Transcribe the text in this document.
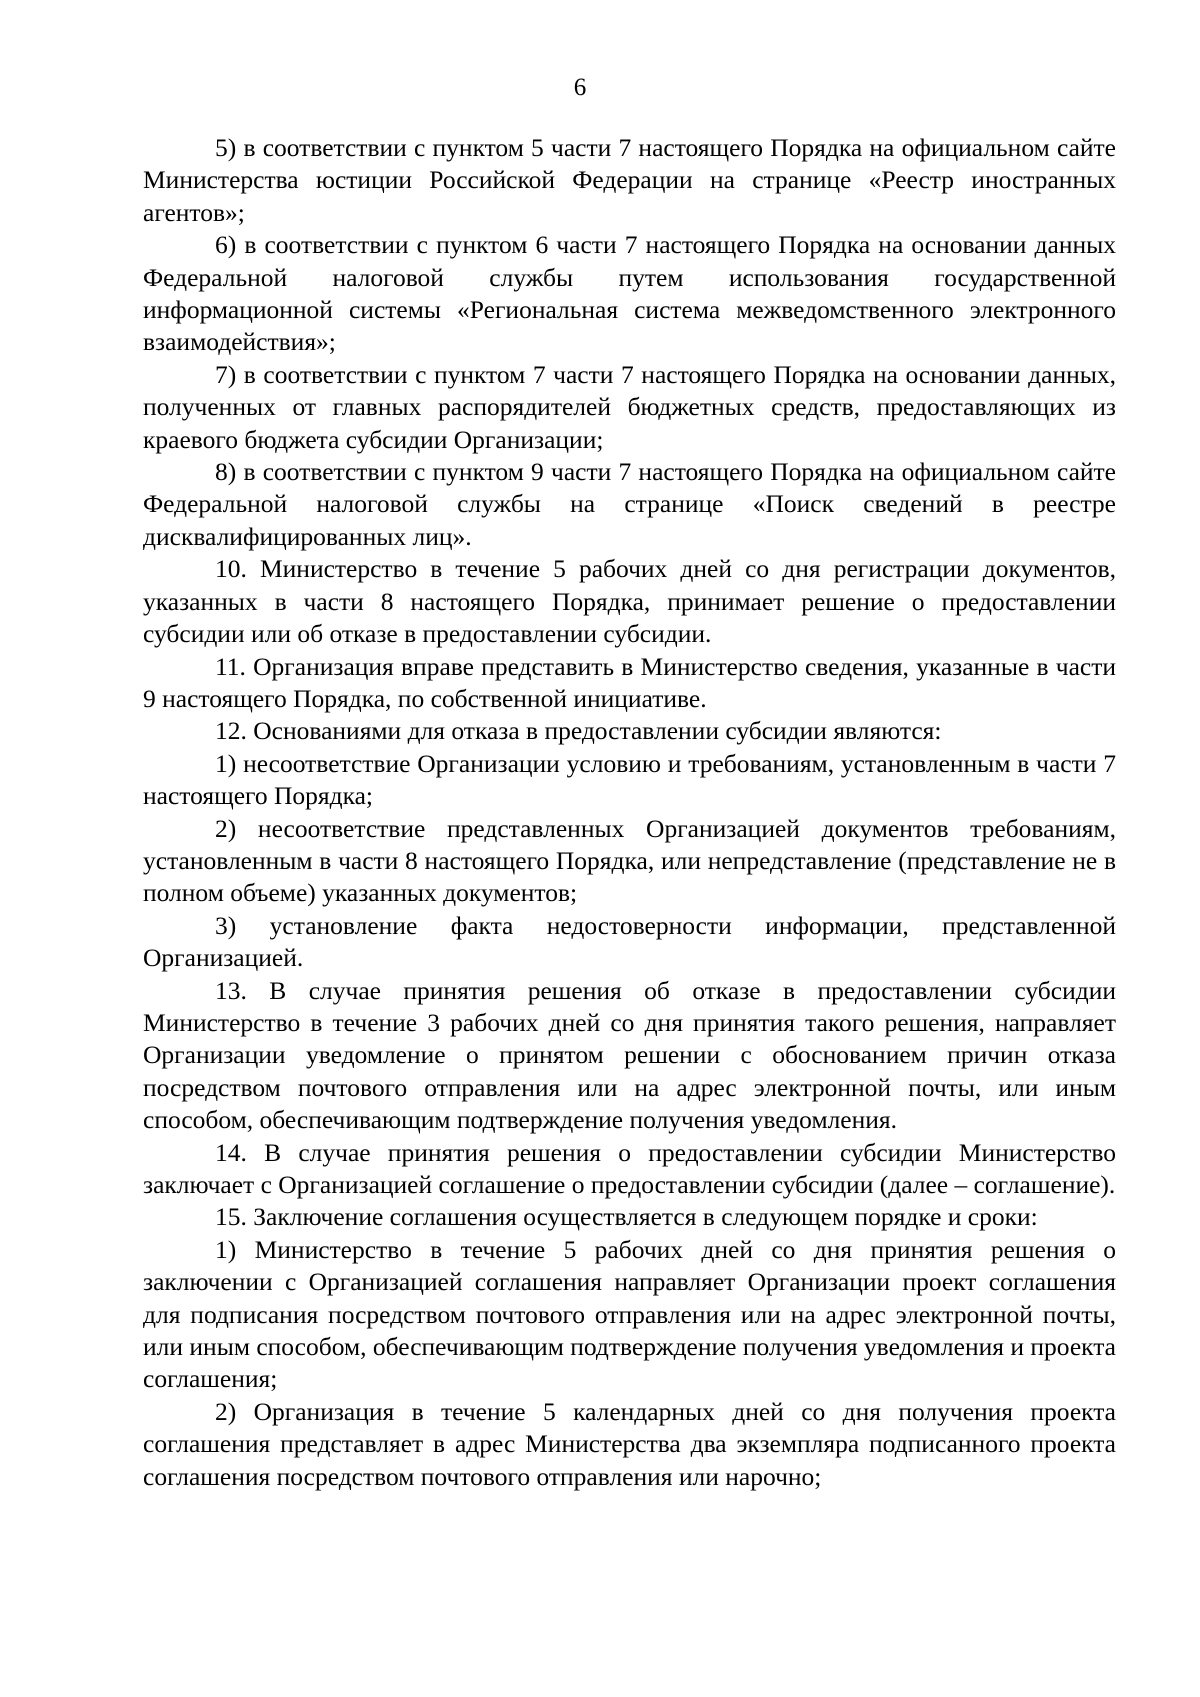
6

5) в соответствии с пунктом 5 части 7 настоящего Порядка на официальном сайте Министерства юстиции Российской Федерации на странице «Реестр иностранных агентов»;

6) в соответствии с пунктом 6 части 7 настоящего Порядка на основании данных Федеральной налоговой службы путем использования государственной информационной системы «Региональная система межведомственного электронного взаимодействия»;

7) в соответствии с пунктом 7 части 7 настоящего Порядка на основании данных, полученных от главных распорядителей бюджетных средств, предоставляющих из краевого бюджета субсидии Организации;

8) в соответствии с пунктом 9 части 7 настоящего Порядка на официальном сайте Федеральной налоговой службы на странице «Поиск сведений в реестре дисквалифицированных лиц».

10. Министерство в течение 5 рабочих дней со дня регистрации документов, указанных в части 8 настоящего Порядка, принимает решение о предоставлении субсидии или об отказе в предоставлении субсидии.

11. Организация вправе представить в Министерство сведения, указанные в части 9 настоящего Порядка, по собственной инициативе.

12. Основаниями для отказа в предоставлении субсидии являются:

1) несоответствие Организации условию и требованиям, установленным в части 7 настоящего Порядка;

2) несоответствие представленных Организацией документов требованиям, установленным в части 8 настоящего Порядка, или непредставление (представление не в полном объеме) указанных документов;

3) установление факта недостоверности информации, представленной Организацией.

13. В случае принятия решения об отказе в предоставлении субсидии Министерство в течение 3 рабочих дней со дня принятия такого решения, направляет Организации уведомление о принятом решении с обоснованием причин отказа посредством почтового отправления или на адрес электронной почты, или иным способом, обеспечивающим подтверждение получения уведомления.

14. В случае принятия решения о предоставлении субсидии Министерство заключает с Организацией соглашение о предоставлении субсидии (далее – соглашение).

15. Заключение соглашения осуществляется в следующем порядке и сроки:

1) Министерство в течение 5 рабочих дней со дня принятия решения о заключении с Организацией соглашения направляет Организации проект соглашения для подписания посредством почтового отправления или на адрес электронной почты, или иным способом, обеспечивающим подтверждение получения уведомления и проекта соглашения;

2) Организация в течение 5 календарных дней со дня получения проекта соглашения представляет в адрес Министерства два экземпляра подписанного проекта соглашения посредством почтового отправления или нарочно;
